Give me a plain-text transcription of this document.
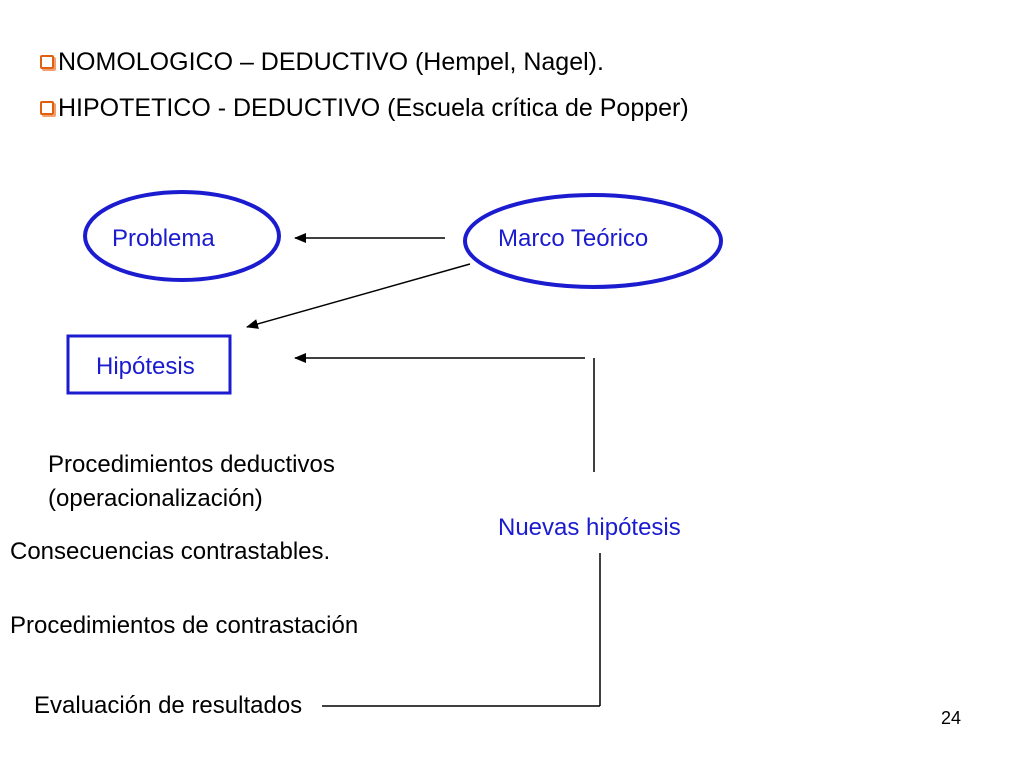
NOMOLOGICO – DEDUCTIVO (Hempel, Nagel).
HIPOTETICO - DEDUCTIVO (Escuela crítica de Popper)
Problema	Marco Teórico
Hipótesis
Procedimientos deductivos
(operacionalización)
Nuevas hipótesis
Consecuencias contrastables.
Procedimientos de contrastación
Evaluación de resultados	24
